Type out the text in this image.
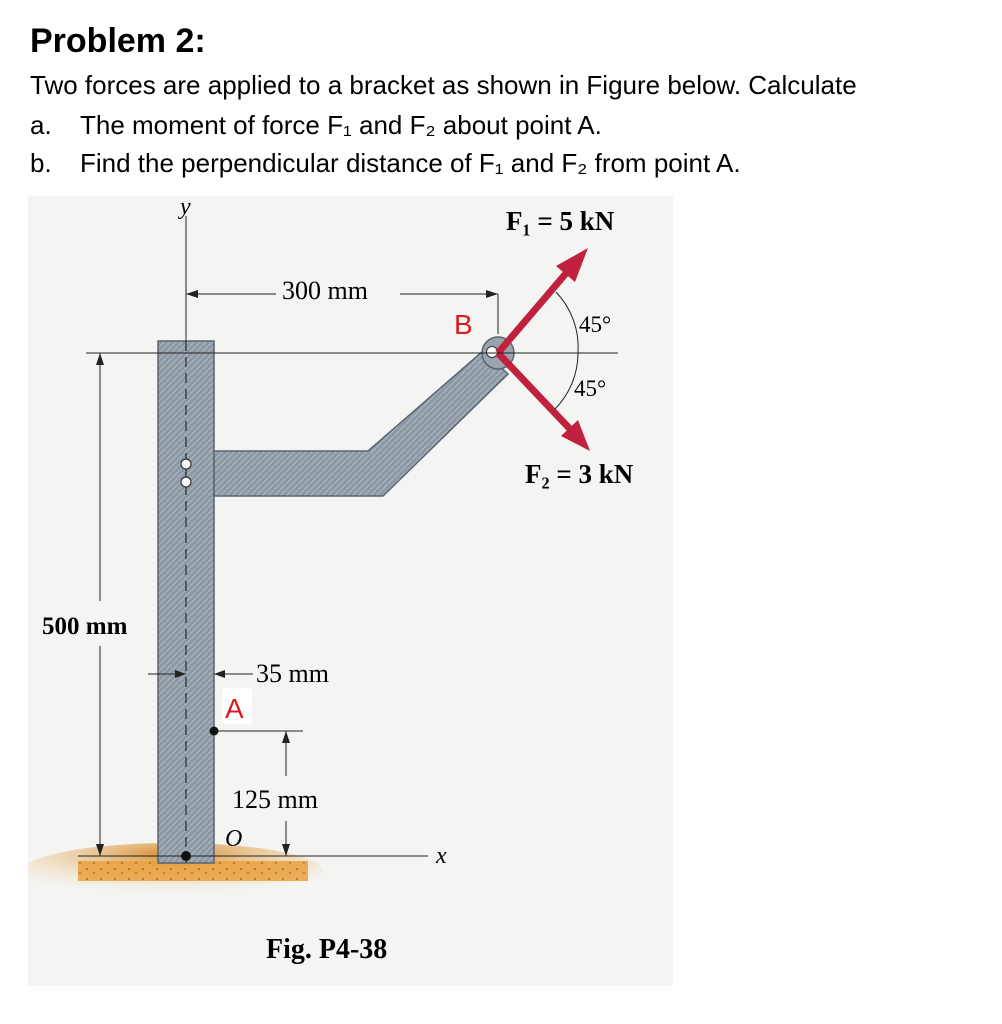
Problem 2:
Two forces are applied to a bracket as shown in Figure below. Calculate
a. The moment of force F₁ and F₂ about point A.
b. Find the perpendicular distance of F₁ and F₂ from point A.
y	F₁ = 5 kN
300 mm
B	45°
45°
F₂ = 3 kN
500 mm
35 mm
A
125 mm
O
x
Fig. P4-38
